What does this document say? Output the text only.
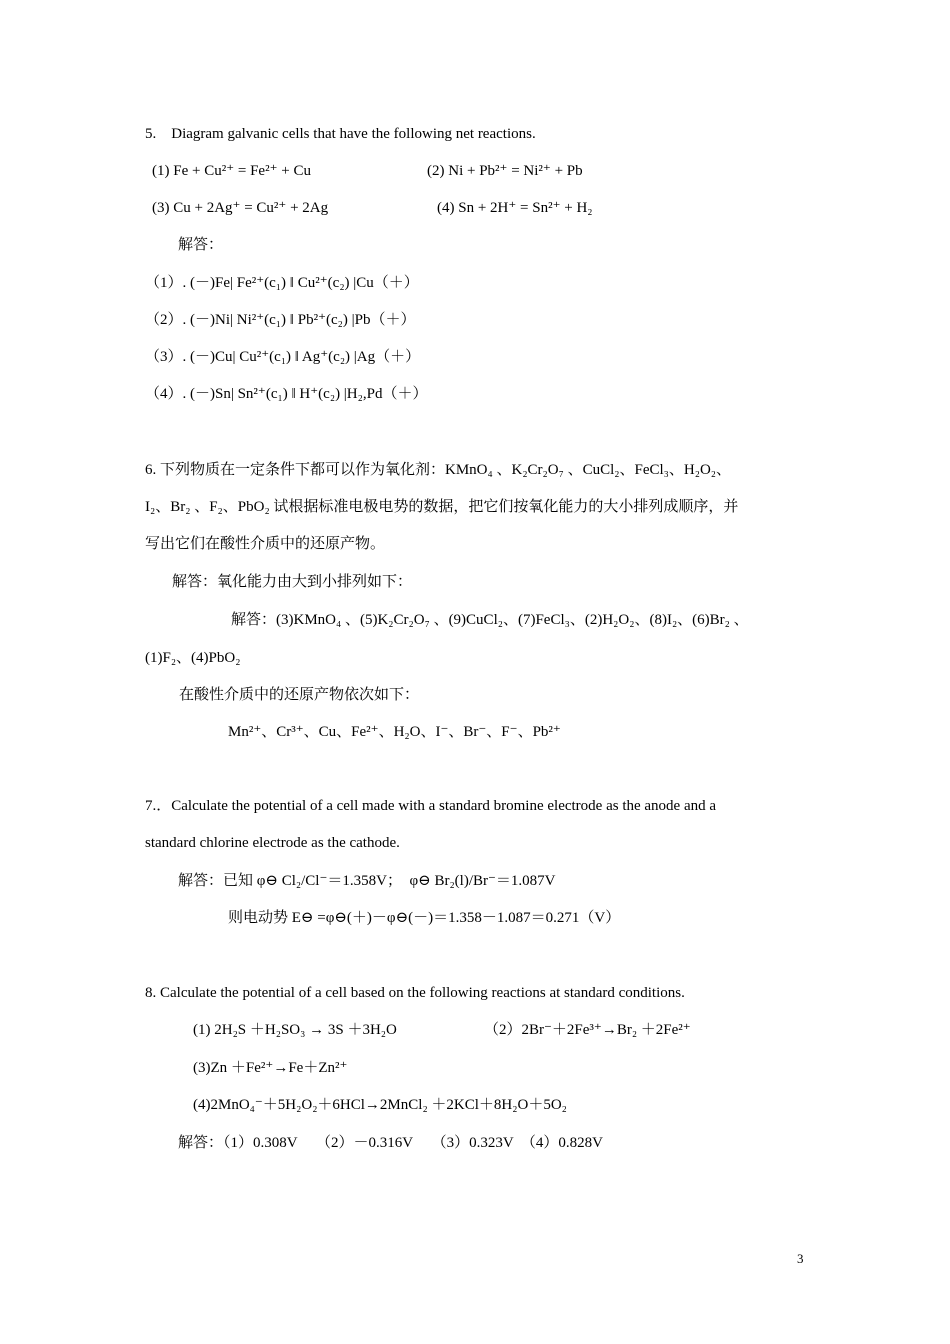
5.　Diagram galvanic cells that have the following net reactions.
(1) Fe + Cu²⁺ = Fe²⁺ + Cu	(2) Ni + Pb²⁺ = Ni²⁺ + Pb
(3) Cu + 2Ag⁺ = Cu²⁺ + 2Ag	(4) Sn + 2H⁺ = Sn²⁺ + H₂
解答：
（1）. (－)Fe| Fe²⁺(c₁) ‖ Cu²⁺(c₂) |Cu（＋）
（2）. (－)Ni| Ni²⁺(c₁) ‖ Pb²⁺(c₂) |Pb（＋）
（3）. (－)Cu| Cu²⁺(c₁) ‖ Ag⁺(c₂) |Ag（＋）
（4）. (－)Sn| Sn²⁺(c₁) ‖ H⁺(c₂) |H₂,Pd（＋）
6. 下列物质在一定条件下都可以作为氧化剂：KMnO₄ 、K₂Cr₂O₇ 、CuCl₂、FeCl₃、H₂O₂、
I₂、Br₂ 、F₂、PbO₂ 试根据标准电极电势的数据，把它们按氧化能力的大小排列成顺序，并
写出它们在酸性介质中的还原产物。
解答：氧化能力由大到小排列如下：
解答：(3)KMnO₄ 、(5)K₂Cr₂O₇ 、(9)CuCl₂、(7)FeCl₃、(2)H₂O₂、(8)I₂、(6)Br₂ 、
(1)F₂、(4)PbO₂
在酸性介质中的还原产物依次如下：
Mn²⁺、Cr³⁺、Cu、Fe²⁺、H₂O、I⁻、Br⁻、F⁻、Pb²⁺
7.．Calculate the potential of a cell made with a standard bromine electrode as the anode and a
standard chlorine electrode as the cathode.
解答：已知 φ⊖ Cl₂/Cl⁻＝1.358V；　φ⊖ Br₂(l)/Br⁻＝1.087V
则电动势 E⊖ =φ⊖(＋)－φ⊖(－)＝1.358－1.087＝0.271（V）
8. Calculate the potential of a cell based on the following reactions at standard conditions.
(1) 2H₂S ＋H₂SO₃ → 3S ＋3H₂O	（2）2Br⁻＋2Fe³⁺→Br₂ ＋2Fe²⁺
(3)Zn ＋Fe²⁺→Fe＋Zn²⁺
(4)2MnO₄⁻＋5H₂O₂＋6HCl→2MnCl₂ ＋2KCl＋8H₂O＋5O₂
解答：（1）0.308V　 （2）－0.316V　 （3）0.323V　（4）0.828V
3
